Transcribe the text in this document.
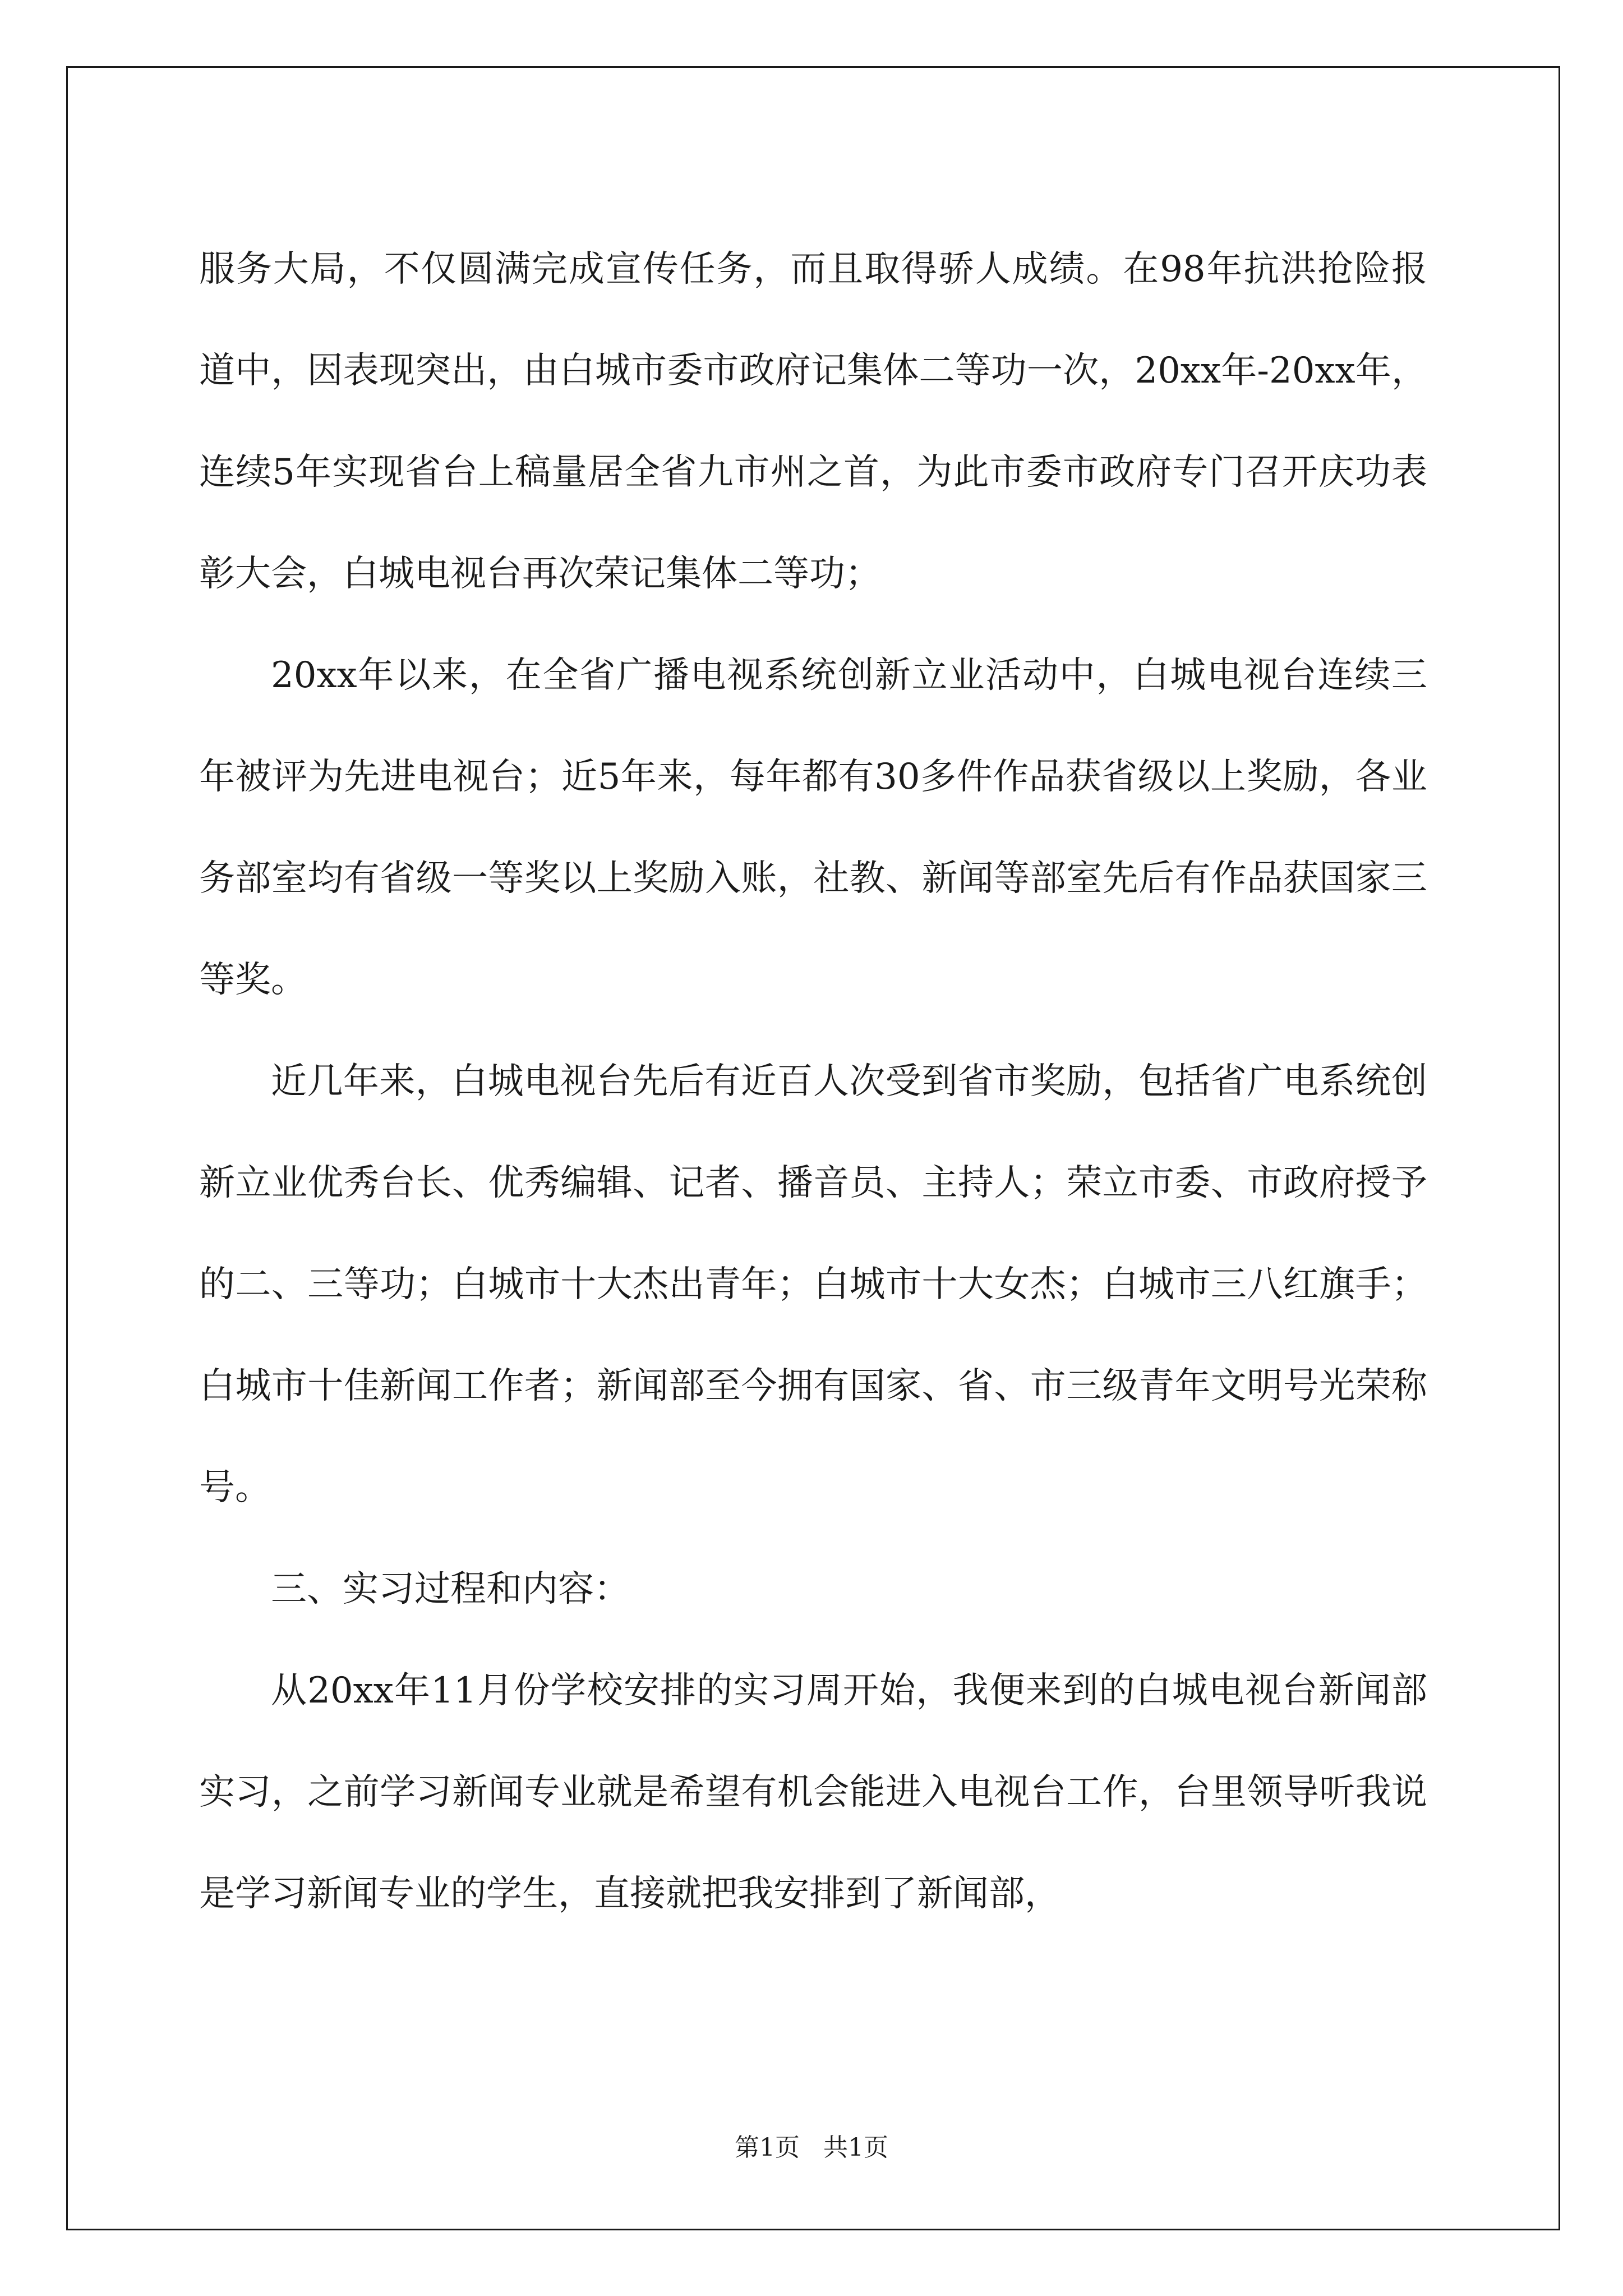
服务大局，不仅圆满完成宣传任务，而且取得骄人成绩。在98年抗洪抢险报道中，因表现突出，由白城市委市政府记集体二等功一次，20xx年-20xx年，连续5年实现省台上稿量居全省九市州之首，为此市委市政府专门召开庆功表彰大会，白城电视台再次荣记集体二等功；

20xx年以来，在全省广播电视系统创新立业活动中，白城电视台连续三年被评为先进电视台；近5年来，每年都有30多件作品获省级以上奖励，各业务部室均有省级一等奖以上奖励入账，社教、新闻等部室先后有作品获国家三等奖。

近几年来，白城电视台先后有近百人次受到省市奖励，包括省广电系统创新立业优秀台长、优秀编辑、记者、播音员、主持人；荣立市委、市政府授予的二、三等功；白城市十大杰出青年；白城市十大女杰；白城市三八红旗手；白城市十佳新闻工作者；新闻部至今拥有国家、省、市三级青年文明号光荣称号。

三、实习过程和内容：

从20xx年11月份学校安排的实习周开始，我便来到的白城电视台新闻部实习，之前学习新闻专业就是希望有机会能进入电视台工作，台里领导听我说是学习新闻专业的学生，直接就把我安排到了新闻部，

第1页 共1页
